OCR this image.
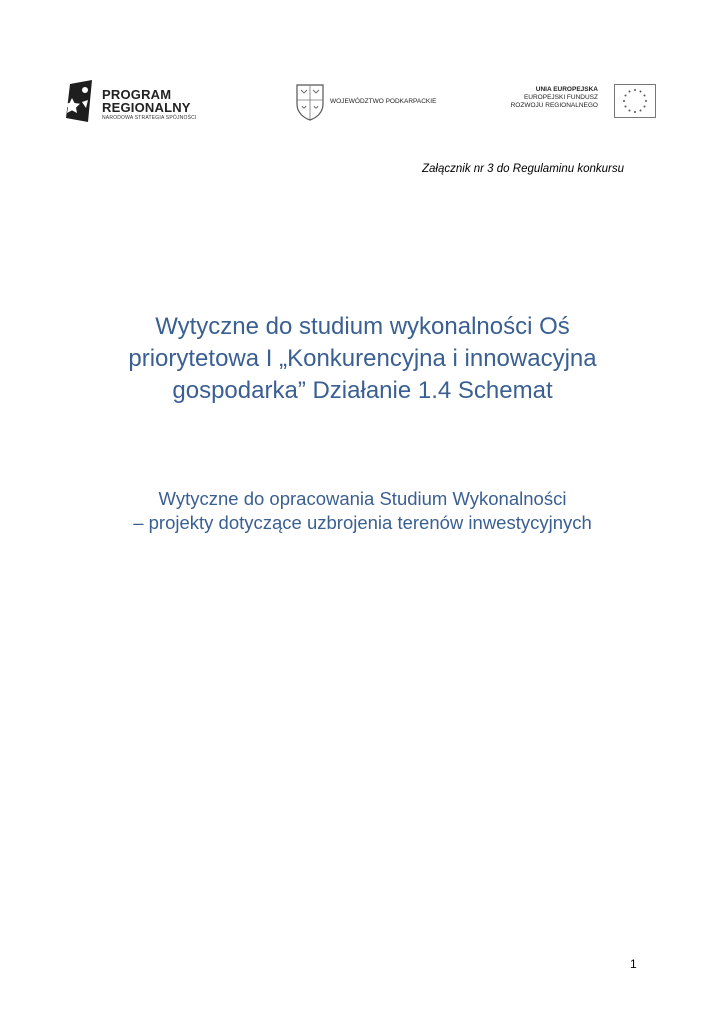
PROGRAM
REGIONALNY
NARODOWA STRATEGIA SPÓJNOŚCI
WOJEWÓDZTWO PODKARPACKIE
UNIA EUROPEJSKA
EUROPEJSKI FUNDUSZ
ROZWOJU REGIONALNEGO
Załącznik nr 3 do Regulaminu konkursu
Wytyczne do studium wykonalności Oś
priorytetowa I „Konkurencyjna i innowacyjna
gospodarka” Działanie 1.4 Schemat
Wytyczne do opracowania Studium Wykonalności
– projekty dotyczące uzbrojenia terenów inwestycyjnych
1
